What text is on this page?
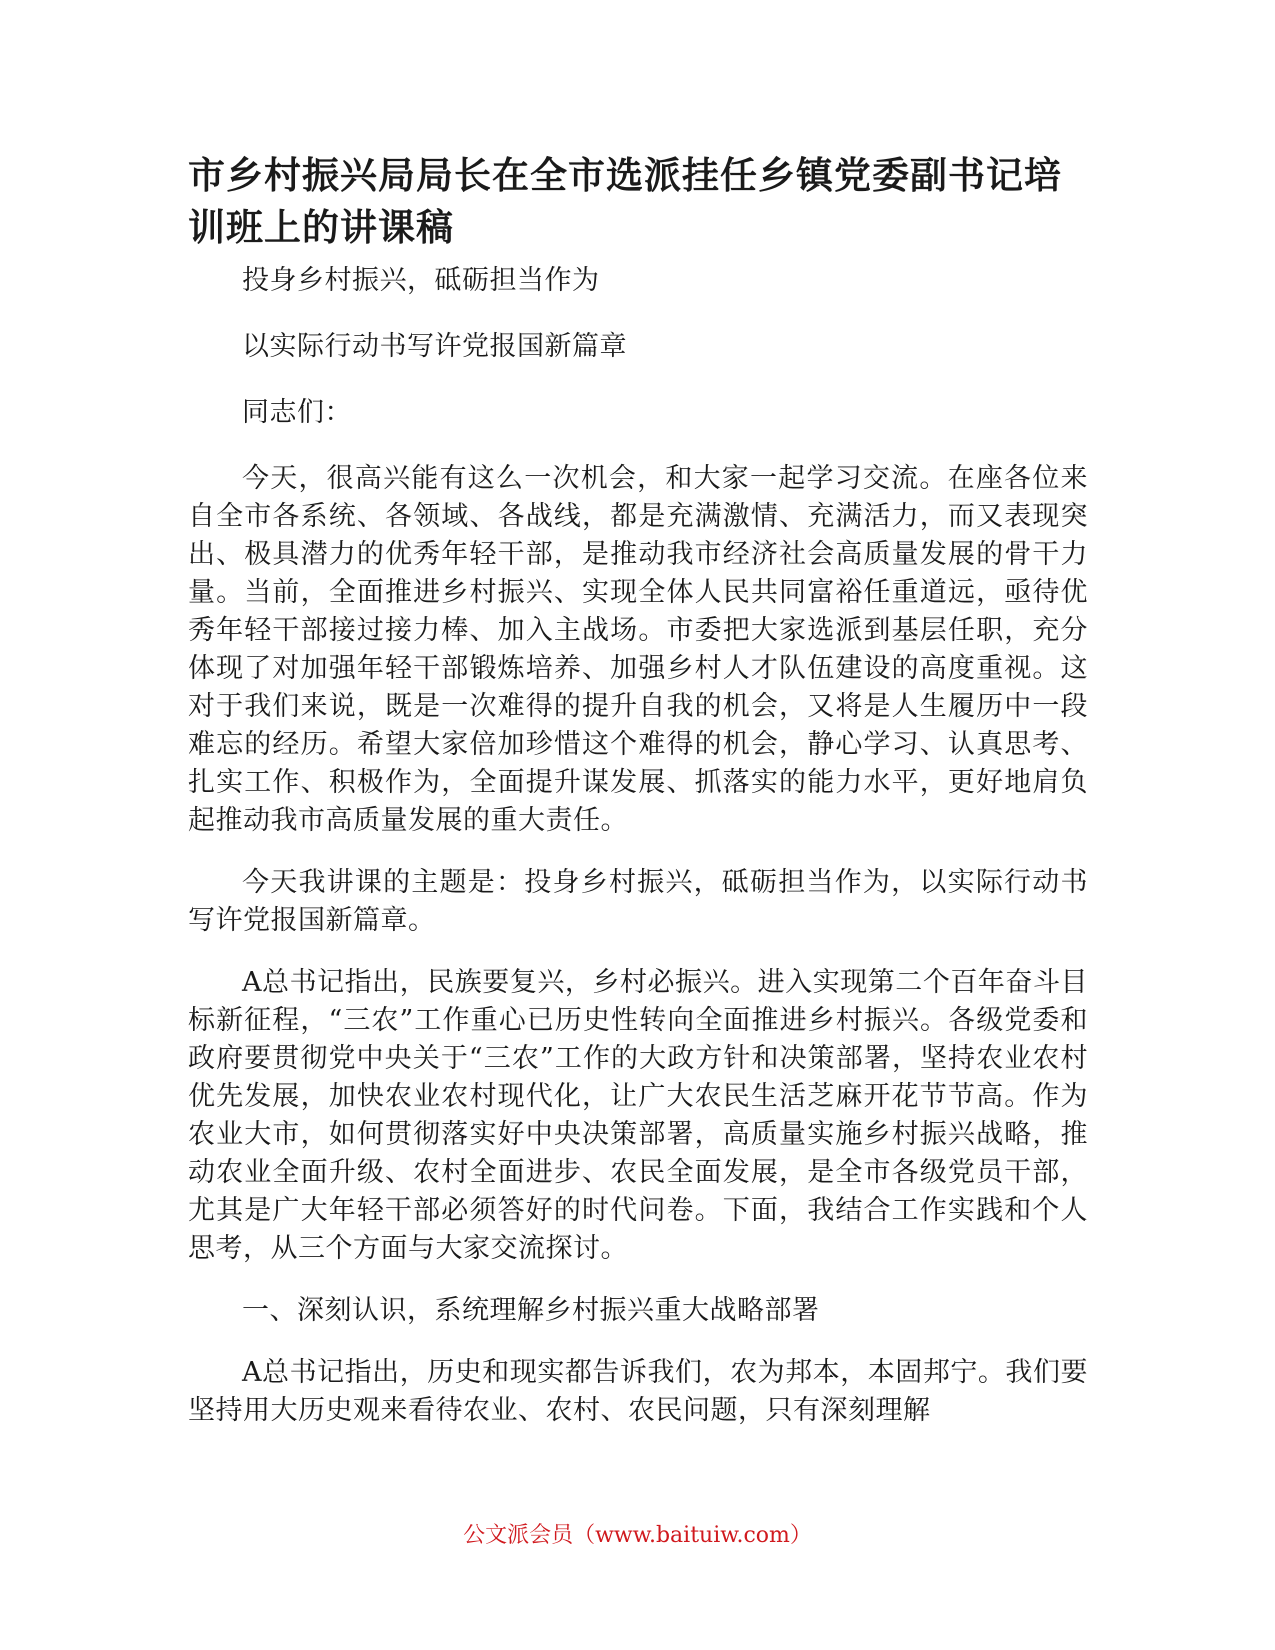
市乡村振兴局局长在全市选派挂任乡镇党委副书记培训班上的讲课稿

投身乡村振兴，砥砺担当作为

以实际行动书写许党报国新篇章

同志们：

今天，很高兴能有这么一次机会，和大家一起学习交流。在座各位来自全市各系统、各领域、各战线，都是充满激情、充满活力，而又表现突出、极具潜力的优秀年轻干部，是推动我市经济社会高质量发展的骨干力量。当前，全面推进乡村振兴、实现全体人民共同富裕任重道远，亟待优秀年轻干部接过接力棒、加入主战场。市委把大家选派到基层任职，充分体现了对加强年轻干部锻炼培养、加强乡村人才队伍建设的高度重视。这对于我们来说，既是一次难得的提升自我的机会，又将是人生履历中一段难忘的经历。希望大家倍加珍惜这个难得的机会，静心学习、认真思考、扎实工作、积极作为，全面提升谋发展、抓落实的能力水平，更好地肩负起推动我市高质量发展的重大责任。

今天我讲课的主题是：投身乡村振兴，砥砺担当作为，以实际行动书写许党报国新篇章。

A总书记指出，民族要复兴，乡村必振兴。进入实现第二个百年奋斗目标新征程，“三农”工作重心已历史性转向全面推进乡村振兴。各级党委和政府要贯彻党中央关于“三农”工作的大政方针和决策部署，坚持农业农村优先发展，加快农业农村现代化，让广大农民生活芝麻开花节节高。作为农业大市，如何贯彻落实好中央决策部署，高质量实施乡村振兴战略，推动农业全面升级、农村全面进步、农民全面发展，是全市各级党员干部，尤其是广大年轻干部必须答好的时代问卷。下面，我结合工作实践和个人思考，从三个方面与大家交流探讨。

一、深刻认识，系统理解乡村振兴重大战略部署

A总书记指出，历史和现实都告诉我们，农为邦本，本固邦宁。我们要坚持用大历史观来看待农业、农村、农民问题，只有深刻理解

公文派会员（www.baituiw.com）
